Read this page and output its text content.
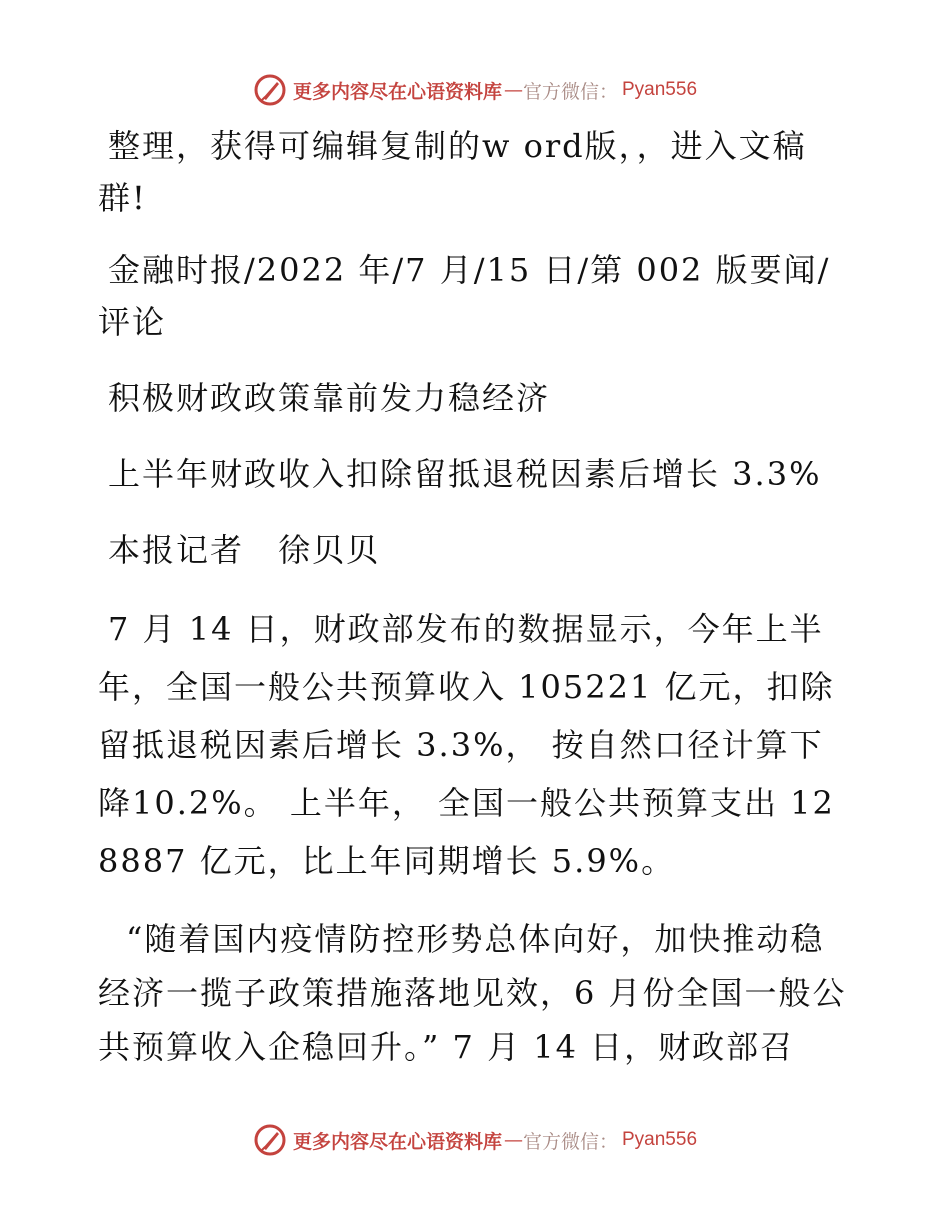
更多内容尽在心语资料库 — 官方微信： Pyan556

整理，获得可编辑复制的w ord版，，进入文稿群!

金融时报/2022 年/7 月/15 日/第 002 版要闻/评论

积极财政政策靠前发力稳经济

上半年财政收入扣除留抵退税因素后增长 3.3%

本报记者 徐贝贝

7 月 14 日，财政部发布的数据显示，今年上半年，全国一般公共预算收入 105221 亿元，扣除留抵退税因素后增长 3.3%， 按自然口径计算下降10.2%。 上半年， 全国一般公共预算支出 128887 亿元，比上年同期增长 5.9%。

“随着国内疫情防控形势总体向好，加快推动稳经济一揽子政策措施落地见效，6 月份全国一般公共预算收入企稳回升。” 7 月 14 日，财政部召

更多内容尽在心语资料库 — 官方微信： Pyan556
